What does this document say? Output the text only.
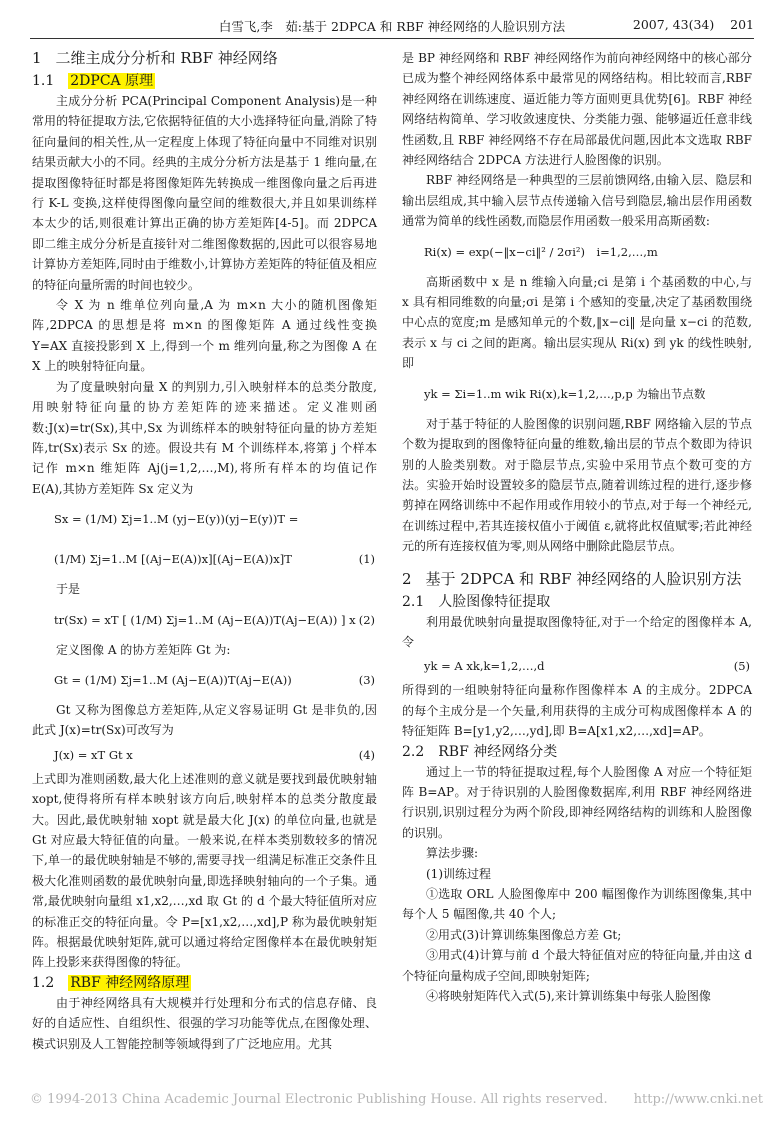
白雪飞,李　茹:基于 2DPCA 和 RBF 神经网络的人脸识别方法	2007, 43(34) 201
1 二维主成分分析和 RBF 神经网络
1.1 2DPCA 原理

主成分分析 PCA(Principal Component Analysis)是一种常用的特征提取方法,它依据特征值的大小选择特征向量,消除了特征向量间的相关性,从一定程度上体现了特征向量中不同维对识别结果贡献大小的不同。经典的主成分分析方法是基于 1 维向量,在提取图像特征时都是将图像矩阵先转换成一维图像向量之后再进行 K-L 变换,这样使得图像向量空间的维数很大,并且如果训练样本太少的话,则很难计算出正确的协方差矩阵[4-5]。而 2DPCA 即二维主成分分析是直接针对二维图像数据的,因此可以很容易地计算协方差矩阵,同时由于维数小,计算协方差矩阵的特征值及相应的特征向量所需的时间也较少。

令 X 为 n 维单位列向量,A 为 m×n 大小的随机图像矩阵,2DPCA 的思想是将 m×n 的图像矩阵 A 通过线性变换 Y=AX 直接投影到 X 上,得到一个 m 维列向量,称之为图像 A 在 X 上的映射特征向量。

为了度量映射向量 X 的判别力,引入映射样本的总类分散度,用映射特征向量的协方差矩阵的迹来描述。定义准则函数:J(x)=tr(Sx),其中,Sx 为训练样本的映射特征向量的协方差矩阵,tr(Sx)表示 Sx 的迹。假设共有 M 个训练样本,将第 j 个样本记作 m×n 维矩阵 Aj(j=1,2,…,M),将所有样本的均值记作 E(A),其协方差矩阵 Sx 定义为

Sx = (1/M) Σj=1..M (yj−E(y))(yj−E(y))T =
(1/M) Σj=1..M [(Aj−E(A))x][(Aj−E(A))x]T	(1)

于是

tr(Sx) = xT [ (1/M) Σj=1..M (Aj−E(A))T(Aj−E(A)) ] x (2)

定义图像 A 的协方差矩阵 Gt 为:

Gt = (1/M) Σj=1..M (Aj−E(A))T(Aj−E(A))	(3)

Gt 又称为图像总方差矩阵,从定义容易证明 Gt 是非负的,因此式 J(x)=tr(Sx)可改写为

J(x) = xT Gt x	(4)

上式即为准则函数,最大化上述准则的意义就是要找到最优映射轴 xopt,使得将所有样本映射该方向后,映射样本的总类分散度最大。因此,最优映射轴 xopt 就是最大化 J(x) 的单位向量,也就是 Gt 对应最大特征值的向量。一般来说,在样本类别数较多的情况下,单一的最优映射轴是不够的,需要寻找一组满足标准正交条件且极大化准则函数的最优映射向量,即选择映射轴向的一个子集。通常,最优映射向量组 x1,x2,…,xd 取 Gt 的 d 个最大特征值所对应的标准正交的特征向量。令 P=[x1,x2,…,xd],P 称为最优映射矩阵。根据最优映射矩阵,就可以通过将给定图像样本在最优映射矩阵上投影来获得图像的特征。

1.2 RBF 神经网络原理

由于神经网络具有大规模并行处理和分布式的信息存储、良好的自适应性、自组织性、很强的学习功能等优点,在图像处理、模式识别及人工智能控制等领域得到了广泛地应用。尤其

是 BP 神经网络和 RBF 神经网络作为前向神经网络中的核心部分已成为整个神经网络体系中最常见的网络结构。相比较而言,RBF 神经网络在训练速度、逼近能力等方面则更具优势[6]。RBF 神经网络结构简单、学习收敛速度快、分类能力强、能够逼近任意非线性函数,且 RBF 神经网络不存在局部最优问题,因此本文选取 RBF 神经网络结合 2DPCA 方法进行人脸图像的识别。

RBF 神经网络是一种典型的三层前馈网络,由输入层、隐层和输出层组成,其中输入层节点传递输入信号到隐层,输出层作用函数通常为简单的线性函数,而隐层作用函数一般采用高斯函数:

Ri(x) = exp(−‖x−ci‖² / 2σi²)　i=1,2,…,m

高斯函数中 x 是 n 维输入向量;ci 是第 i 个基函数的中心,与 x 具有相同维数的向量;σi 是第 i 个感知的变量,决定了基函数围绕中心点的宽度;m 是感知单元的个数,‖x−ci‖ 是向量 x−ci 的范数,表示 x 与 ci 之间的距离。输出层实现从 Ri(x) 到 yk 的线性映射,即

yk = Σi=1..m wik Ri(x),k=1,2,…,p,p 为输出节点数

对于基于特征的人脸图像的识别问题,RBF 网络输入层的节点个数为提取到的图像特征向量的维数,输出层的节点个数即为待识别的人脸类别数。对于隐层节点,实验中采用节点个数可变的方法。实验开始时设置较多的隐层节点,随着训练过程的进行,逐步修剪掉在网络训练中不起作用或作用较小的节点,对于每一个神经元,在训练过程中,若其连接权值小于阈值 ε,就将此权值赋零;若此神经元的所有连接权值为零,则从网络中删除此隐层节点。

2 基于 2DPCA 和 RBF 神经网络的人脸识别方法
2.1 人脸图像特征提取

利用最优映射向量提取图像特征,对于一个给定的图像样本 A,令

yk = A xk,k=1,2,…,d	(5)

所得到的一组映射特征向量称作图像样本 A 的主成分。2DPCA 的每个主成分是一个矢量,利用获得的主成分可构成图像样本 A 的特征矩阵 B=[y1,y2,…,yd],即 B=A[x1,x2,…,xd]=AP。

2.2 RBF 神经网络分类

通过上一节的特征提取过程,每个人脸图像 A 对应一个特征矩阵 B=AP。对于待识别的人脸图像数据库,利用 RBF 神经网络进行识别,识别过程分为两个阶段,即神经网络结构的训练和人脸图像的识别。

算法步骤:

(1)训练过程

①选取 ORL 人脸图像库中 200 幅图像作为训练图像集,其中每个人 5 幅图像,共 40 个人;

②用式(3)计算训练集图像总方差 Gt;

③用式(4)计算与前 d 个最大特征值对应的特征向量,并由这 d 个特征向量构成子空间,即映射矩阵;

④将映射矩阵代入式(5),来计算训练集中每张人脸图像

© 1994-2013 China Academic Journal Electronic Publishing House. All rights reserved.　　http://www.cnki.net
